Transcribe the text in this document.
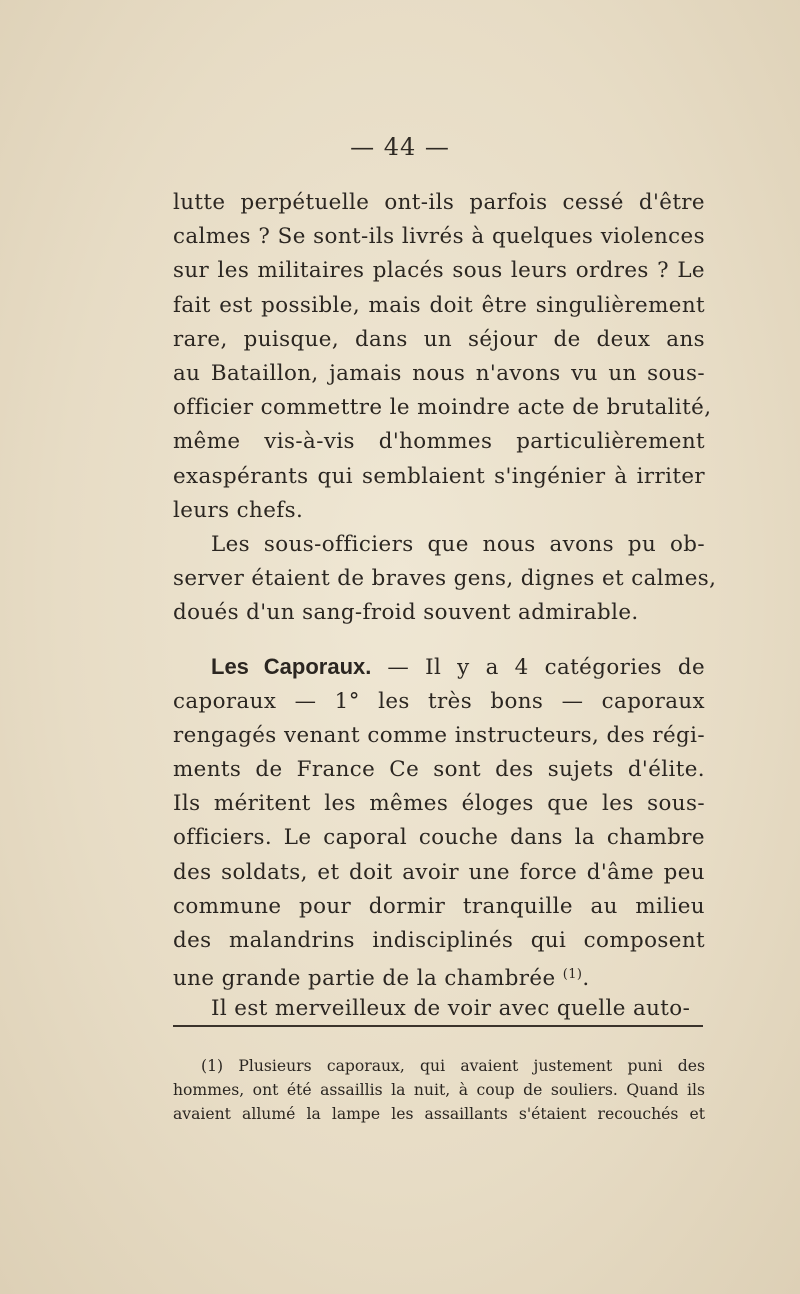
— 44 —
lutte perpétuelle ont-ils parfois cessé d'être
calmes ? Se sont-ils livrés à quelques violences
sur les militaires placés sous leurs ordres ? Le
fait est possible, mais doit être singulièrement
rare, puisque, dans un séjour de deux ans
au Bataillon, jamais nous n'avons vu un sous-
officier commettre le moindre acte de brutalité,
même vis-à-vis d'hommes particulièrement
exaspérants qui semblaient s'ingénier à irriter
leurs chefs.
Les sous-officiers que nous avons pu ob-
server étaient de braves gens, dignes et calmes,
doués d'un sang-froid souvent admirable.
Les Caporaux. — Il y a 4 catégories de
caporaux — 1° les très bons — caporaux
rengagés venant comme instructeurs, des régi-
ments de France Ce sont des sujets d'élite.
Ils méritent les mêmes éloges que les sous-
officiers. Le caporal couche dans la chambre
des soldats, et doit avoir une force d'âme peu
commune pour dormir tranquille au milieu
des malandrins indisciplinés qui composent
une grande partie de la chambrée $^{(1)}$.
Il est merveilleux de voir avec quelle auto-
(1) Plusieurs caporaux, qui avaient justement puni des
hommes, ont été assaillis la nuit, à coup de souliers. Quand ils
avaient allumé la lampe les assaillants s'étaient recouchés et
